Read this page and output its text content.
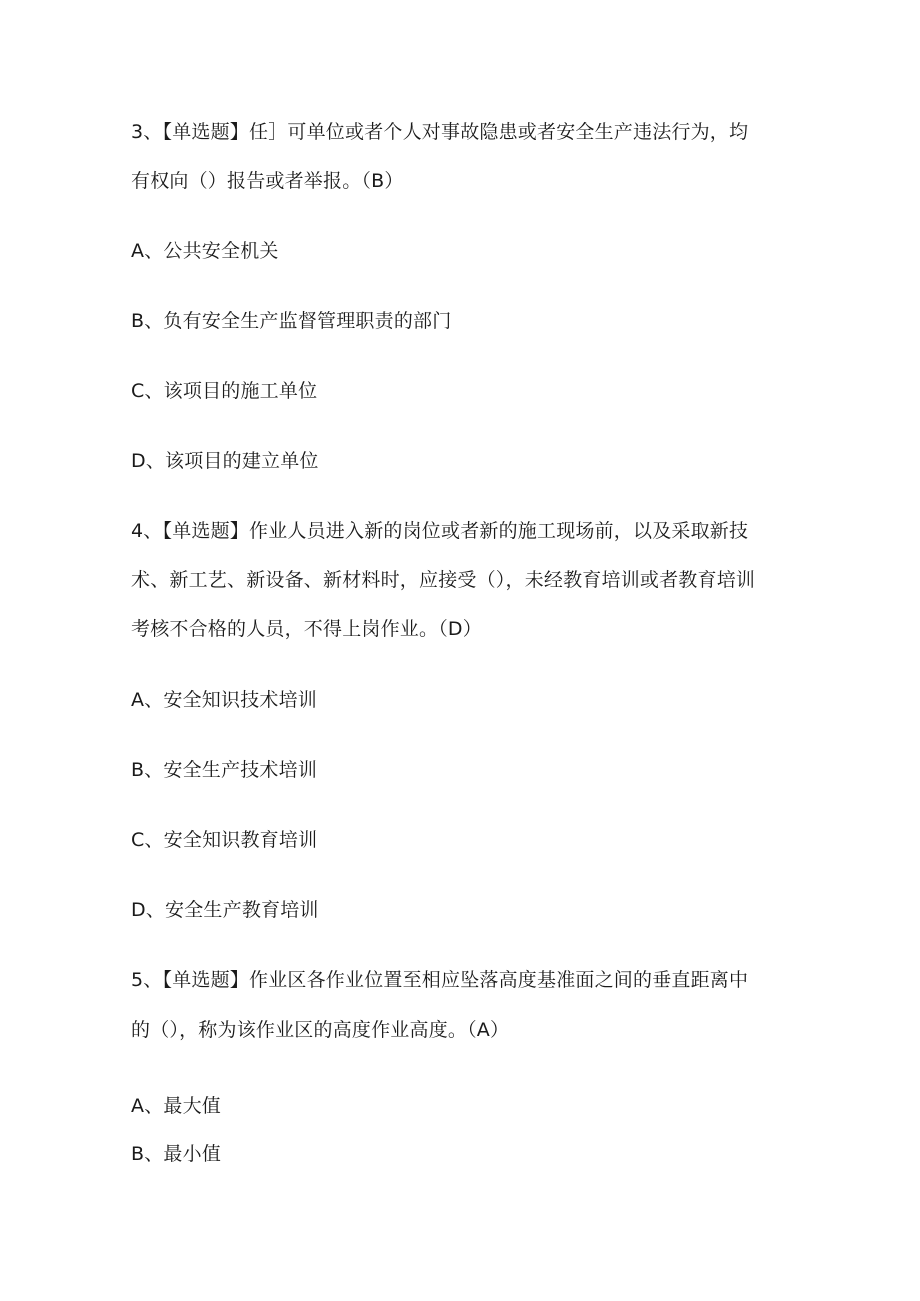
3、【单选题】任］可单位或者个人对事故隐患或者安全生产违法行为，均
有权向（）报告或者举报。（B）
A、公共安全机关
B、负有安全生产监督管理职责的部门
C、该项目的施工单位
D、该项目的建立单位
4、【单选题】作业人员进入新的岗位或者新的施工现场前，以及采取新技
术、新工艺、新设备、新材料时，应接受（），未经教育培训或者教育培训
考核不合格的人员，不得上岗作业。（D）
A、安全知识技术培训
B、安全生产技术培训
C、安全知识教育培训
D、安全生产教育培训
5、【单选题】作业区各作业位置至相应坠落高度基准面之间的垂直距离中
的（），称为该作业区的高度作业高度。（A）
A、最大值
B、最小值
